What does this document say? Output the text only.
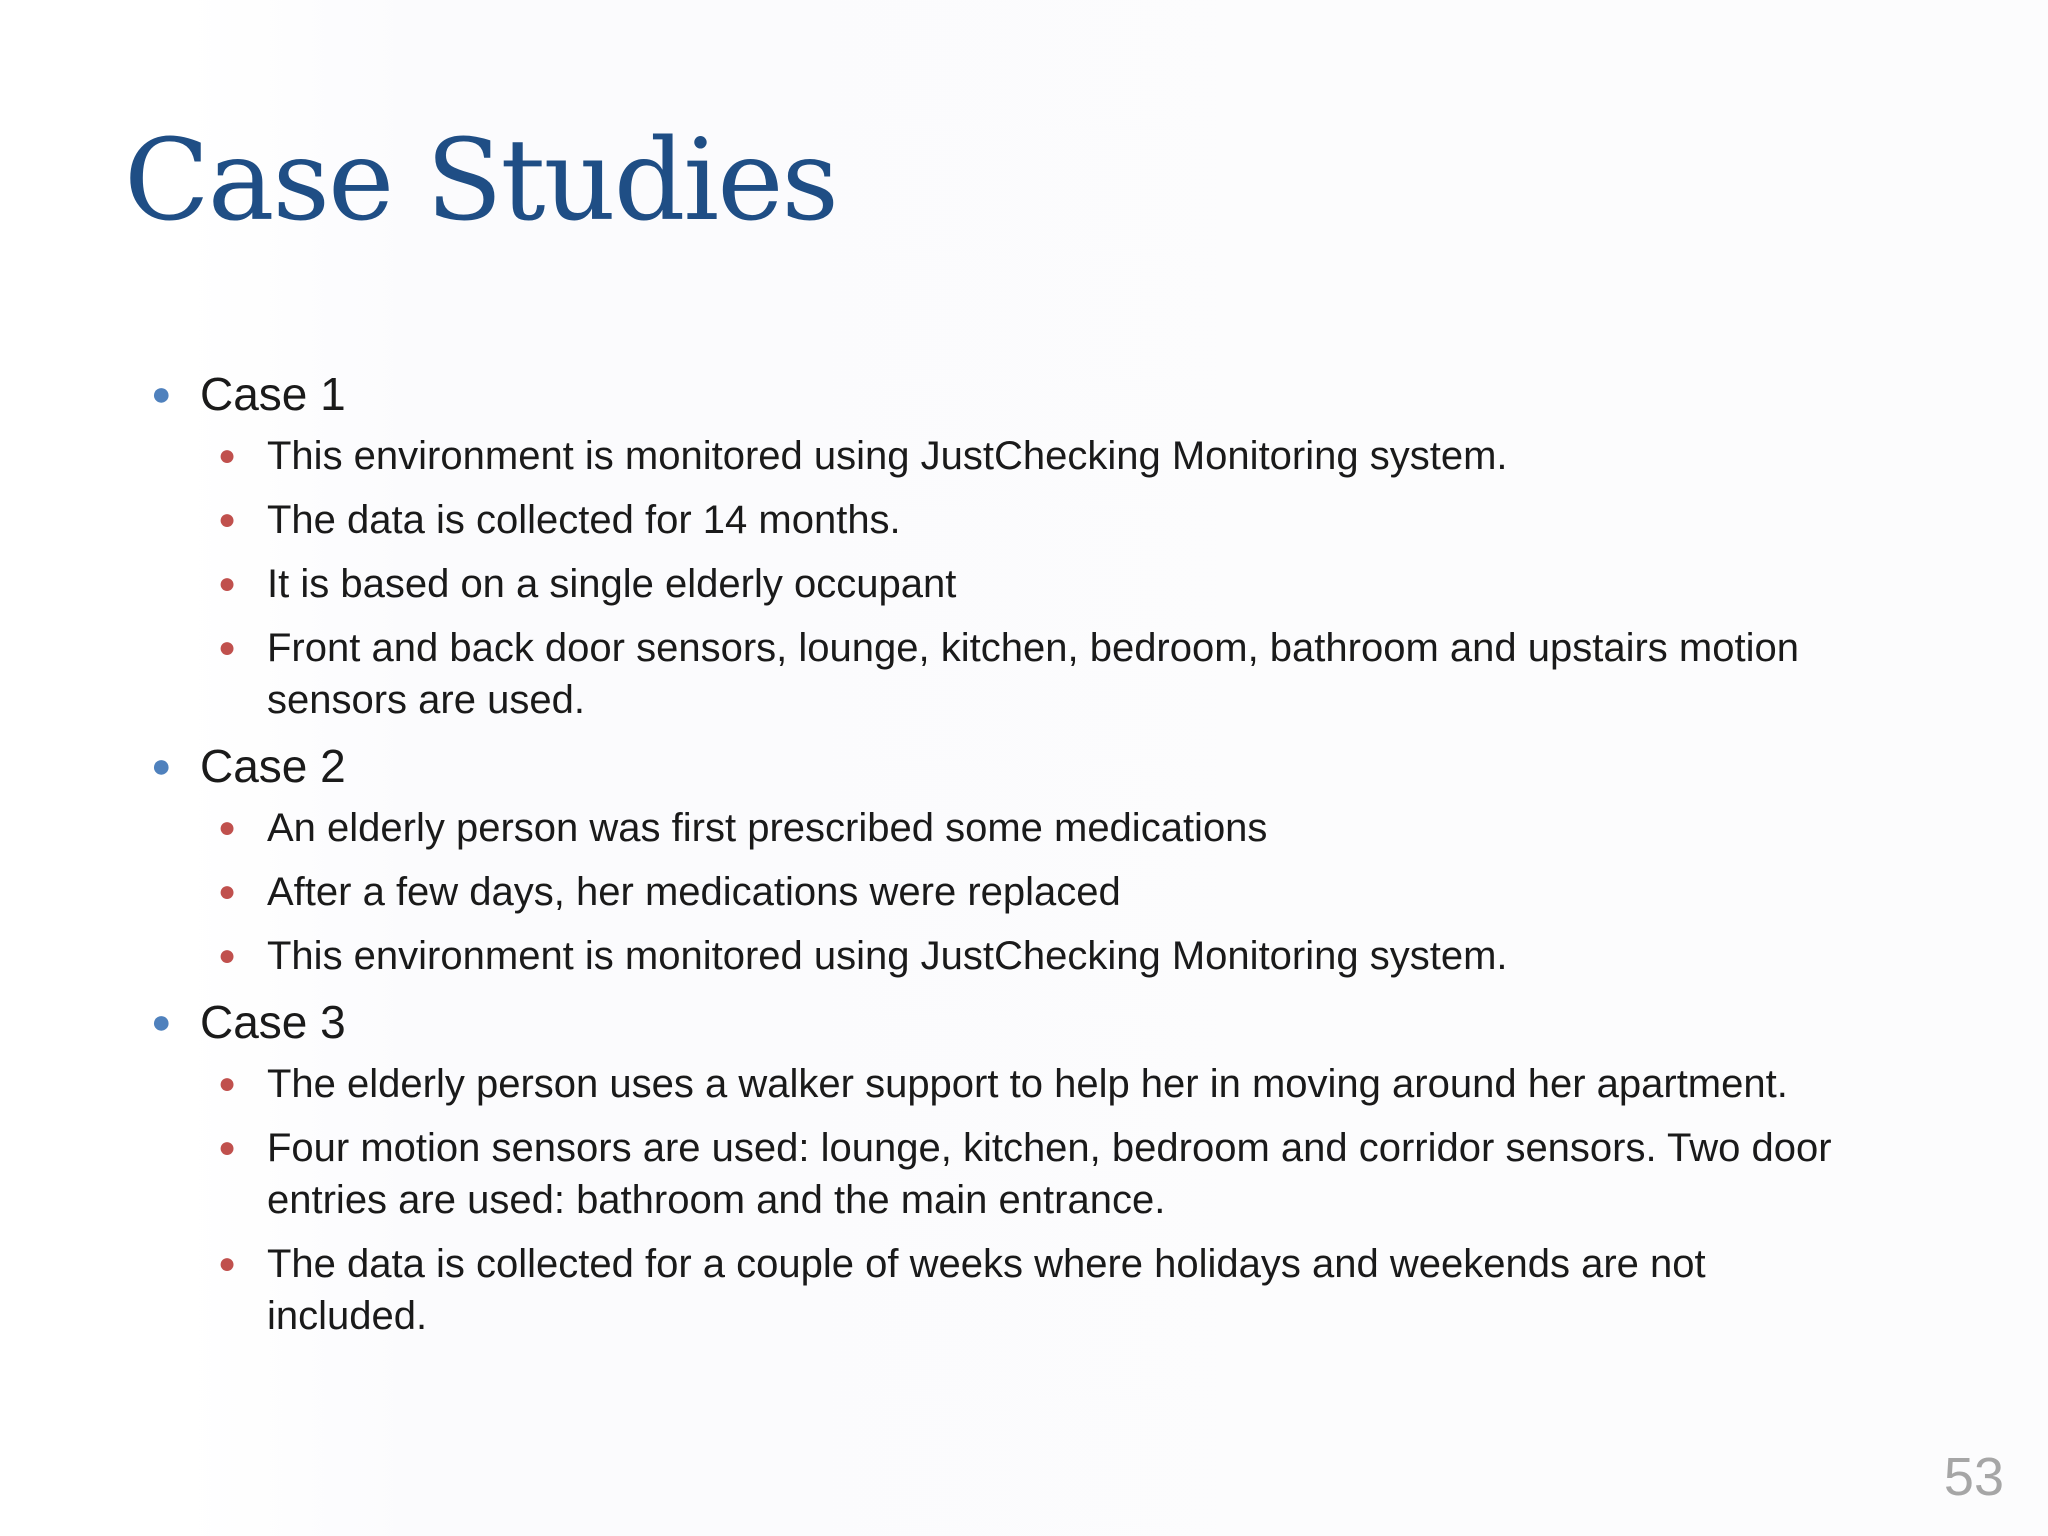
Case Studies
● Case 1
● This environment is monitored using JustChecking Monitoring system.
● The data is collected for 14 months.
● It is based on a single elderly occupant
● Front and back door sensors, lounge, kitchen, bedroom, bathroom and upstairs motion sensors are used.
● Case 2
● An elderly person was first prescribed some medications
● After a few days, her medications were replaced
● This environment is monitored using JustChecking Monitoring system.
● Case 3
● The elderly person uses a walker support to help her in moving around her apartment.
● Four motion sensors are used: lounge, kitchen, bedroom and corridor sensors. Two door entries are used: bathroom and the main entrance.
● The data is collected for a couple of weeks where holidays and weekends are not included.
53
